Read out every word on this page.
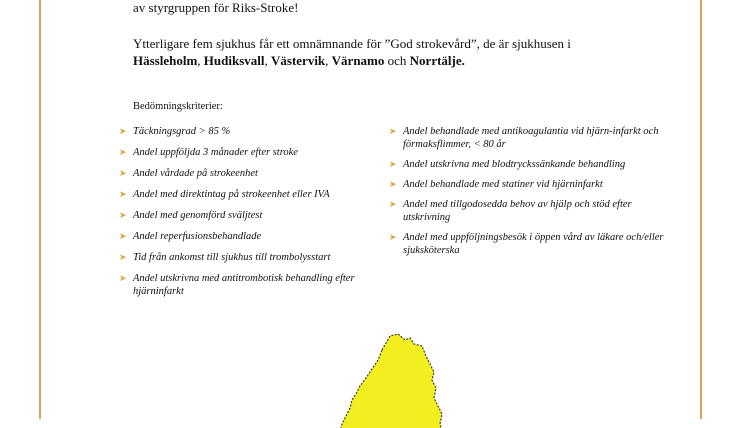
av styrgruppen för Riks-Stroke!

Ytterligare fem sjukhus får ett omnämnande för ”God strokevård”, de är sjukhusen i Hässleholm, Hudiksvall, Västervik, Värnamo och Norrtälje.

Bedömningskriterier:

➤ Täckningsgrad > 85 %
➤ Andel uppföljda 3 månader efter stroke
➤ Andel vårdade på strokeenhet
➤ Andel med direktintag på strokeenhet eller IVA
➤ Andel med genomförd sväljtest
➤ Andel reperfusionsbehandlade
➤ Tid från ankomst till sjukhus till trombolysstart
➤ Andel utskrivna med antitrombotisk behandling efter hjärninfarkt
➤ Andel behandlade med antikoagulantia vid hjärn-infarkt och förmaksflimmer, < 80 år
➤ Andel utskrivna med blodtryckssänkande behandling
➤ Andel behandlade med statiner vid hjärninfarkt
➤ Andel med tillgodosedda behov av hjälp och stöd efter utskrivning
➤ Andel med uppföljningsbesök i öppen vård av läkare och/eller sjuksköterska
